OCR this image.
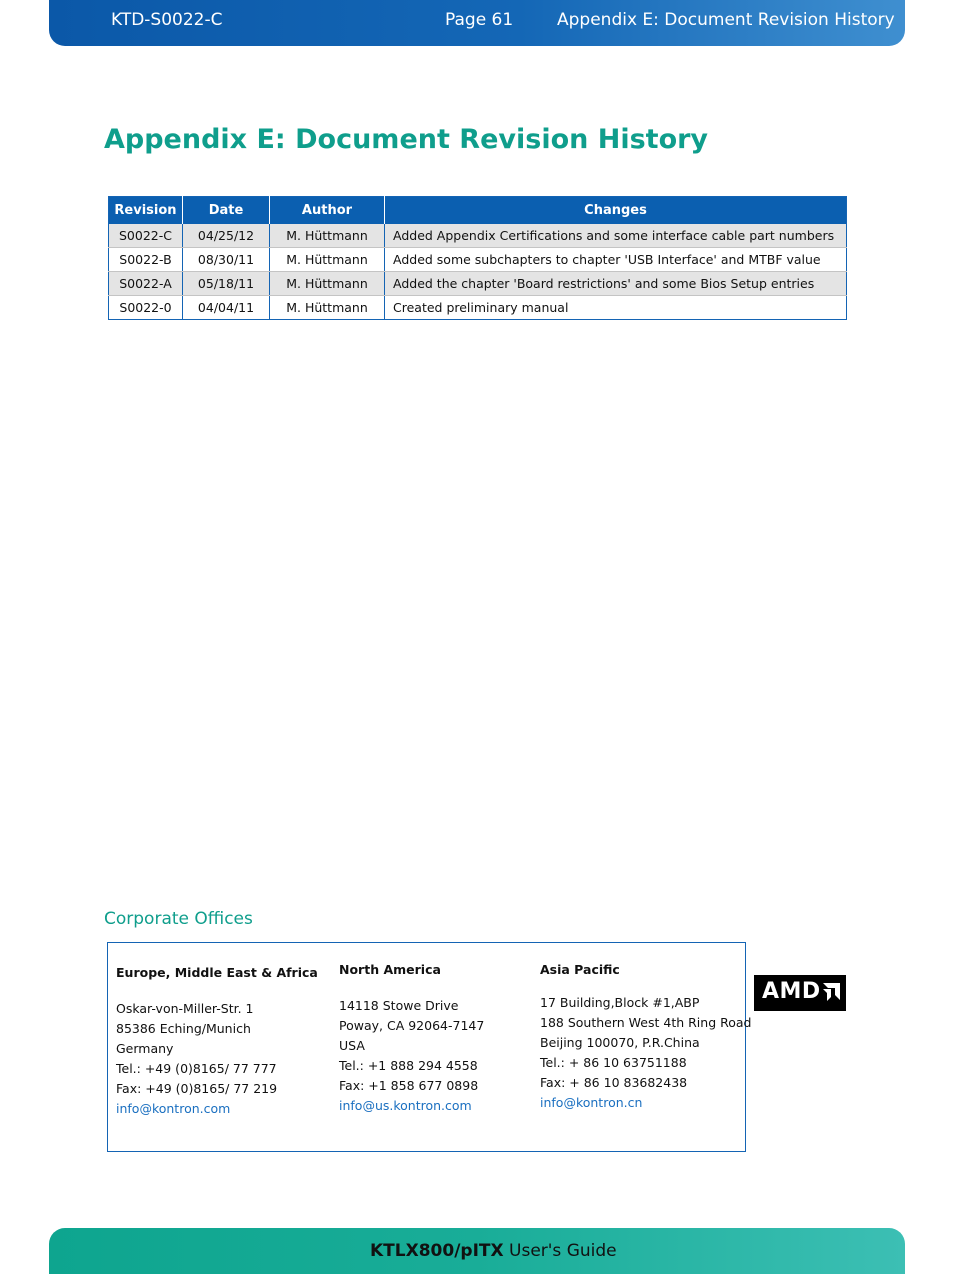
KTD-S0022-C	Page 61	Appendix E: Document Revision History
Appendix E: Document Revision History
Revision	Date	Author	Changes
S0022-C	04/25/12	M. Hüttmann	Added Appendix Certifications and some interface cable part numbers
S0022-B	08/30/11	M. Hüttmann	Added some subchapters to chapter 'USB Interface' and MTBF value
S0022-A	05/18/11	M. Hüttmann	Added the chapter 'Board restrictions' and some Bios Setup entries
S0022-0	04/04/11	M. Hüttmann	Created preliminary manual
Corporate Offices
Europe, Middle East & Africa
Oskar-von-Miller-Str. 1
85386 Eching/Munich
Germany
Tel.: +49 (0)8165/ 77 777
Fax: +49 (0)8165/ 77 219
info@kontron.com
North America
14118 Stowe Drive
Poway, CA 92064-7147
USA
Tel.: +1 888 294 4558
Fax: +1 858 677 0898
info@us.kontron.com
Asia Pacific
17 Building,Block #1,ABP
188 Southern West 4th Ring Road
Beijing 100070, P.R.China
Tel.: + 86 10 63751188
Fax: + 86 10 83682438
info@kontron.cn
AMD
KTLX800/pITX User's Guide
